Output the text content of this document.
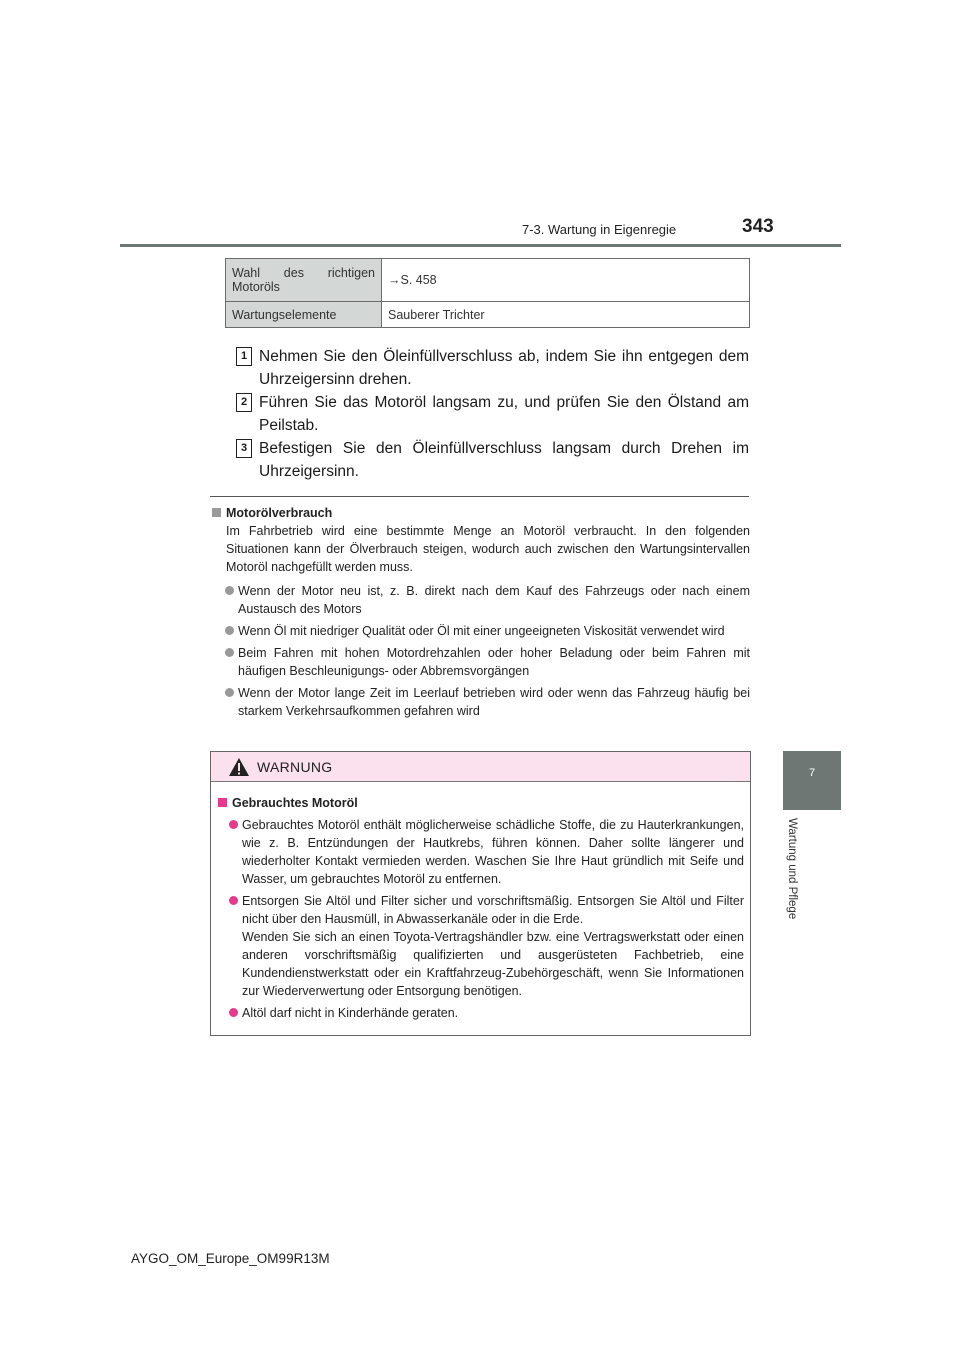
7-3. Wartung in Eigenregie	343
7
Wartung und Pflege
Wahl des richtigen Motoröls	→S. 458
Wartungselemente	Sauberer Trichter
1 Nehmen Sie den Öleinfüllverschluss ab, indem Sie ihn entgegen dem Uhrzeigersinn drehen.
2 Führen Sie das Motoröl langsam zu, und prüfen Sie den Ölstand am Peilstab.
3 Befestigen Sie den Öleinfüllverschluss langsam durch Drehen im Uhrzeigersinn.
Motorölverbrauch
Im Fahrbetrieb wird eine bestimmte Menge an Motoröl verbraucht. In den folgenden Situationen kann der Ölverbrauch steigen, wodurch auch zwischen den Wartungsintervallen Motoröl nachgefüllt werden muss.
Wenn der Motor neu ist, z. B. direkt nach dem Kauf des Fahrzeugs oder nach einem Austausch des Motors
Wenn Öl mit niedriger Qualität oder Öl mit einer ungeeigneten Viskosität verwendet wird
Beim Fahren mit hohen Motordrehzahlen oder hoher Beladung oder beim Fahren mit häufigen Beschleunigungs- oder Abbremsvorgängen
Wenn der Motor lange Zeit im Leerlauf betrieben wird oder wenn das Fahrzeug häufig bei starkem Verkehrsaufkommen gefahren wird
WARNUNG
Gebrauchtes Motoröl
Gebrauchtes Motoröl enthält möglicherweise schädliche Stoffe, die zu Hauterkrankungen, wie z. B. Entzündungen der Hautkrebs, führen können. Daher sollte längerer und wiederholter Kontakt vermieden werden. Waschen Sie Ihre Haut gründlich mit Seife und Wasser, um gebrauchtes Motoröl zu entfernen.
Entsorgen Sie Altöl und Filter sicher und vorschriftsmäßig. Entsorgen Sie Altöl und Filter nicht über den Hausmüll, in Abwasserkanäle oder in die Erde.
Wenden Sie sich an einen Toyota-Vertragshändler bzw. eine Vertragswerkstatt oder einen anderen vorschriftsmäßig qualifizierten und ausgerüsteten Fachbetrieb, eine Kundendienstwerkstatt oder ein Kraftfahrzeug-Zubehörgeschäft, wenn Sie Informationen zur Wiederverwertung oder Entsorgung benötigen.
Altöl darf nicht in Kinderhände geraten.
AYGO_OM_Europe_OM99R13M
